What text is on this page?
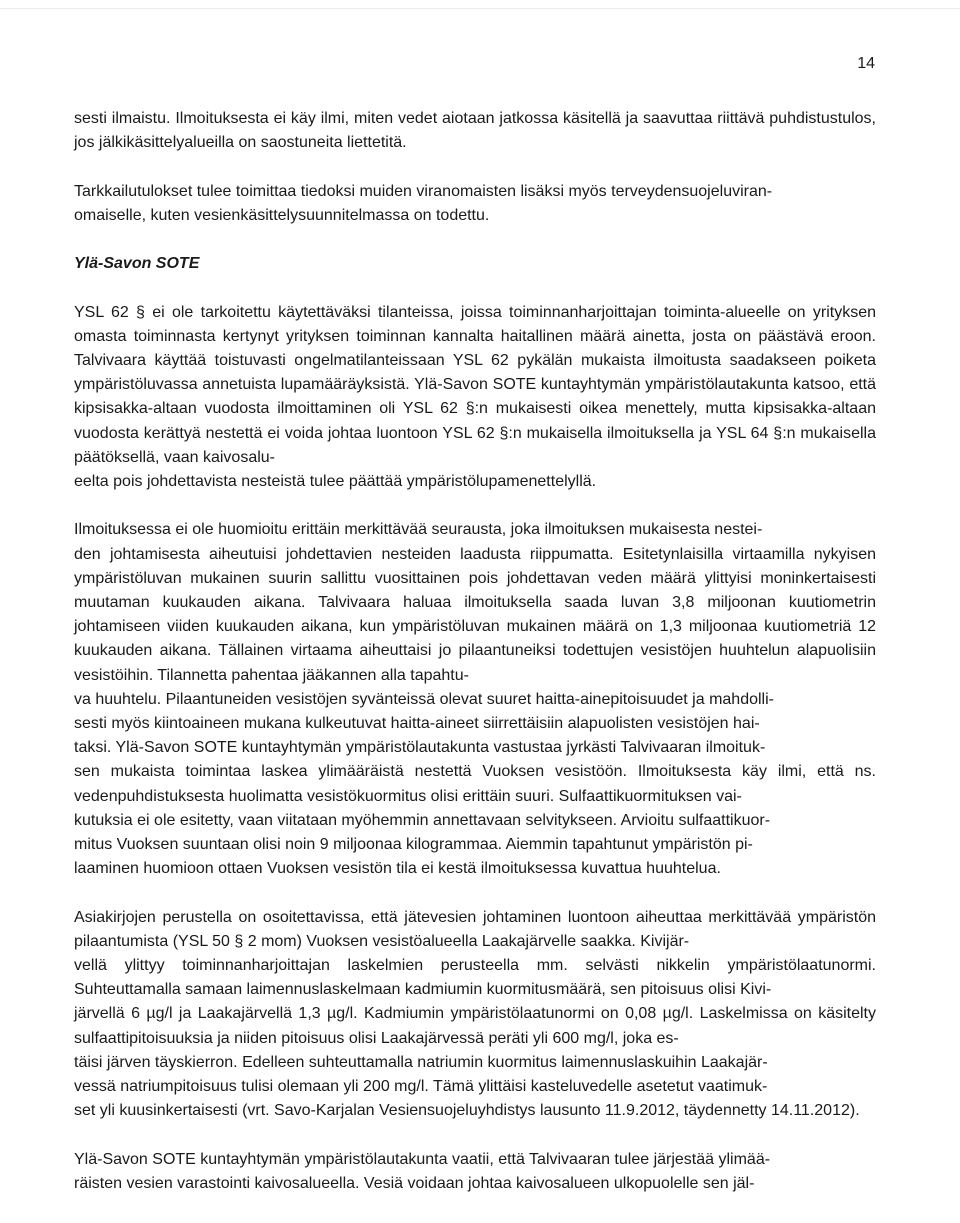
14

sesti ilmaistu. Ilmoituksesta ei käy ilmi, miten vedet aiotaan jatkossa käsitellä ja saavuttaa riittävä puhdistustulos, jos jälkikäsittelyalueilla on saostuneita liettetitä.

Tarkkailutulokset tulee toimittaa tiedoksi muiden viranomaisten lisäksi myös terveydensuojeluviran-
omaiselle, kuten vesienkäsittelysuunnitelmassa on todettu.

Ylä-Savon SOTE

YSL 62 § ei ole tarkoitettu käytettäväksi tilanteissa, joissa toiminnanharjoittajan toiminta-alueelle on yrityksen omasta toiminnasta kertynyt yrityksen toiminnan kannalta haitallinen määrä ainetta, josta on päästävä eroon. Talvivaara käyttää toistuvasti ongelmatilanteissaan YSL 62 pykälän mukaista ilmoitusta saadakseen poiketa ympäristöluvassa annetuista lupamääräyksistä. Ylä-Savon SOTE kuntayhtymän ympäristölautakunta katsoo, että kipsisakka-altaan vuodosta ilmoittaminen oli YSL 62 §:n mukaisesti oikea menettely, mutta kipsisakka-altaan vuodosta kerättyä nestettä ei voida johtaa luontoon YSL 62 §:n mukaisella ilmoituksella ja YSL 64 §:n mukaisella päätöksellä, vaan kaivosalu-
eelta pois johdettavista nesteistä tulee päättää ympäristölupamenettelyllä.

Ilmoituksessa ei ole huomioitu erittäin merkittävää seurausta, joka ilmoituksen mukaisesta nestei-
den johtamisesta aiheutuisi johdettavien nesteiden laadusta riippumatta. Esitetynlaisilla virtaamilla nykyisen ympäristöluvan mukainen suurin sallittu vuosittainen pois johdettavan veden määrä ylittyisi moninkertaisesti muutaman kuukauden aikana. Talvivaara haluaa ilmoituksella saada luvan 3,8 miljoonan kuutiometrin johtamiseen viiden kuukauden aikana, kun ympäristöluvan mukainen määrä on 1,3 miljoonaa kuutiometriä 12 kuukauden aikana. Tällainen virtaama aiheuttaisi jo pilaantuneiksi todettujen vesistöjen huuhtelun alapuolisiin vesistöihin. Tilannetta pahentaa jääkannen alla tapahtu-
va huuhtelu. Pilaantuneiden vesistöjen syvänteissä olevat suuret haitta-ainepitoisuudet ja mahdolli-
sesti myös kiintoaineen mukana kulkeutuvat haitta-aineet siirrettäisiin alapuolisten vesistöjen hai-
taksi. Ylä-Savon SOTE kuntayhtymän ympäristölautakunta vastustaa jyrkästi Talvivaaran ilmoituk-
sen mukaista toimintaa laskea ylimääräistä nestettä Vuoksen vesistöön. Ilmoituksesta käy ilmi, että ns. vedenpuhdistuksesta huolimatta vesistökuormitus olisi erittäin suuri. Sulfaattikuormituksen vai-
kutuksia ei ole esitetty, vaan viitataan myöhemmin annettavaan selvitykseen. Arvioitu sulfaattikuor-
mitus Vuoksen suuntaan olisi noin 9 miljoonaa kilogrammaa. Aiemmin tapahtunut ympäristön pi-
laaminen huomioon ottaen Vuoksen vesistön tila ei kestä ilmoituksessa kuvattua huuhtelua.

Asiakirjojen perustella on osoitettavissa, että jätevesien johtaminen luontoon aiheuttaa merkittävää ympäristön pilaantumista (YSL 50 § 2 mom) Vuoksen vesistöalueella Laakajärvelle saakka. Kivijär-
vellä ylittyy toiminnanharjoittajan laskelmien perusteella mm. selvästi nikkelin ympäristölaatunormi. Suhteuttamalla samaan laimennuslaskelmaan kadmiumin kuormitusmäärä, sen pitoisuus olisi Kivi-
järvellä 6 µg/l ja Laakajärvellä 1,3 µg/l. Kadmiumin ympäristölaatunormi on 0,08 µg/l. Laskelmissa on käsitelty sulfaattipitoisuuksia ja niiden pitoisuus olisi Laakajärvessä peräti yli 600 mg/l, joka es-
täisi järven täyskierron. Edelleen suhteuttamalla natriumin kuormitus laimennuslaskuihin Laakajär-
vessä natriumpitoisuus tulisi olemaan yli 200 mg/l. Tämä ylittäisi kasteluvedelle asetetut vaatimuk-
set yli kuusinkertaisesti (vrt. Savo-Karjalan Vesiensuojeluyhdistys lausunto 11.9.2012, täydennetty 14.11.2012).

Ylä-Savon SOTE kuntayhtymän ympäristölautakunta vaatii, että Talvivaaran tulee järjestää ylimää-
räisten vesien varastointi kaivosalueella. Vesiä voidaan johtaa kaivosalueen ulkopuolelle sen jäl-
